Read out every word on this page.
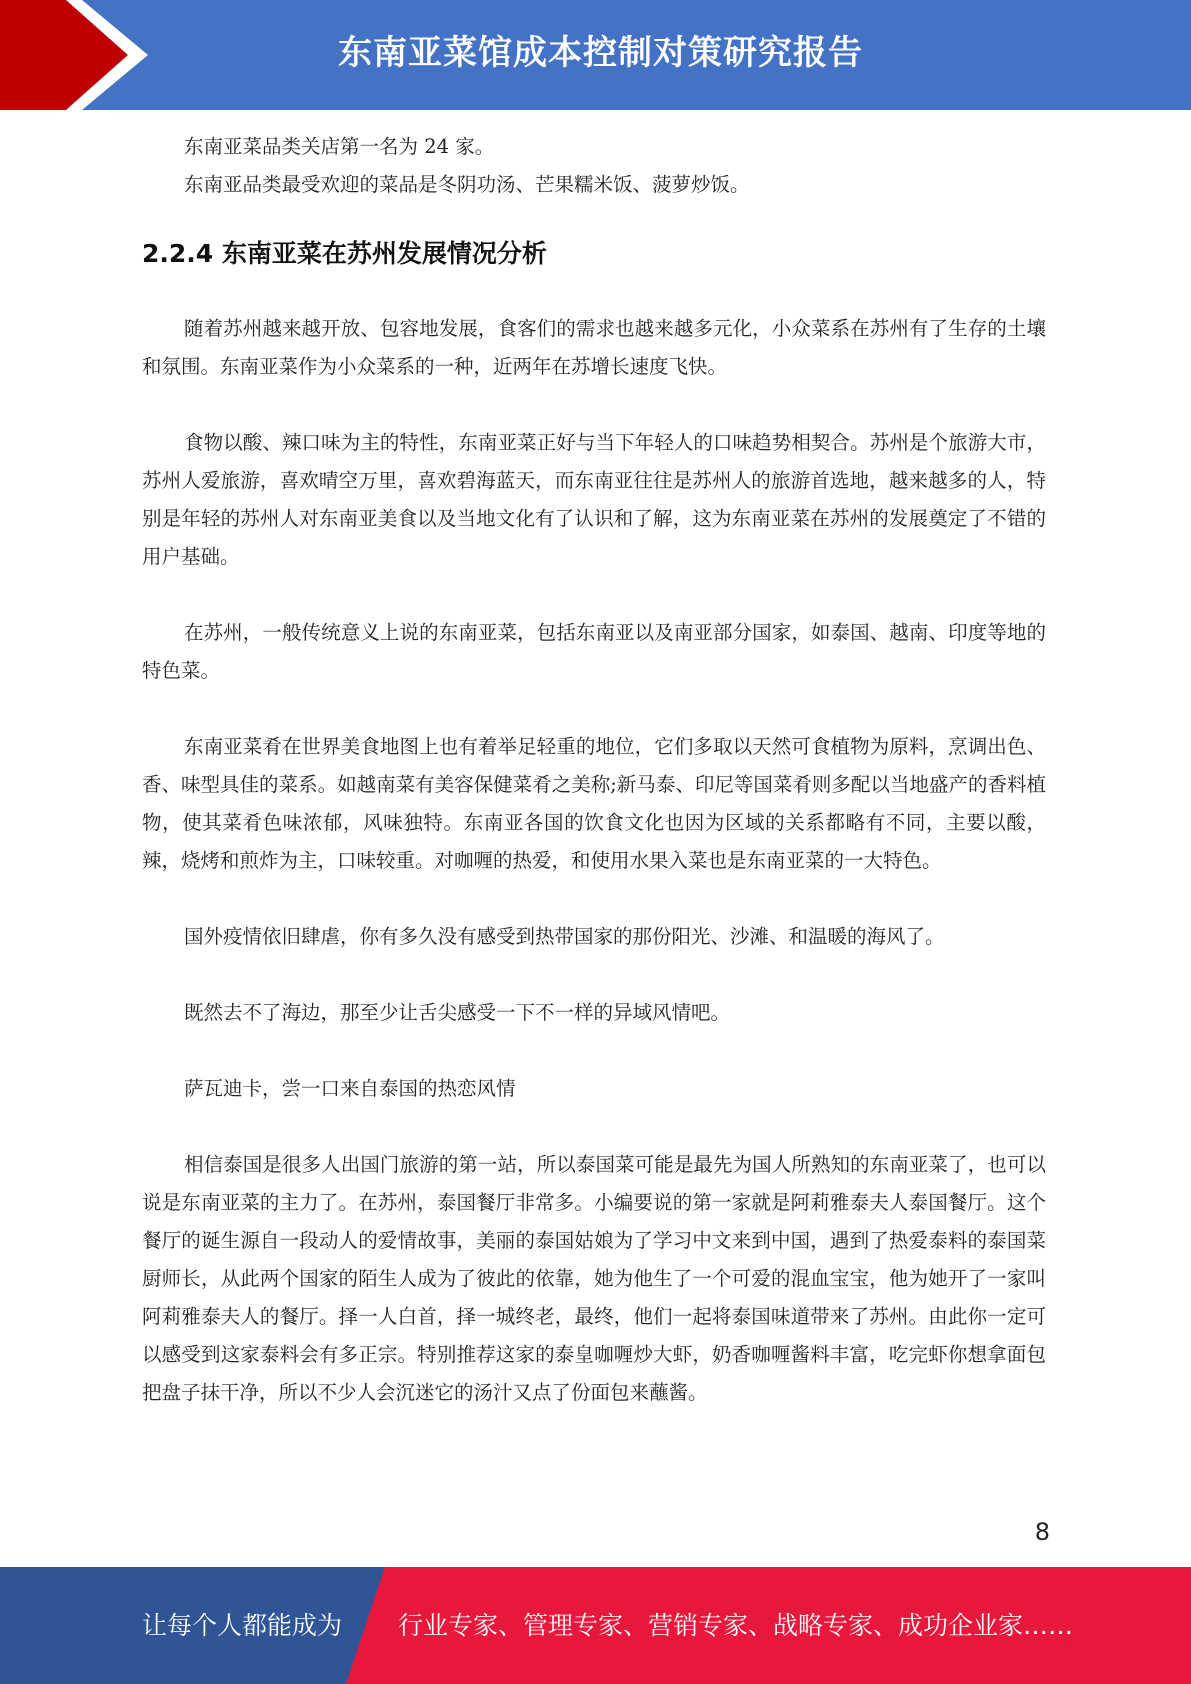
东南亚菜馆成本控制对策研究报告

东南亚菜品类关店第一名为 24 家。

东南亚品类最受欢迎的菜品是冬阴功汤、芒果糯米饭、菠萝炒饭。

2.2.4 东南亚菜在苏州发展情况分析

随着苏州越来越开放、包容地发展，食客们的需求也越来越多元化，小众菜系在苏州有了生存的土壤和氛围。东南亚菜作为小众菜系的一种，近两年在苏增长速度飞快。

食物以酸、辣口味为主的特性，东南亚菜正好与当下年轻人的口味趋势相契合。苏州是个旅游大市，苏州人爱旅游，喜欢晴空万里，喜欢碧海蓝天，而东南亚往往是苏州人的旅游首选地，越来越多的人，特别是年轻的苏州人对东南亚美食以及当地文化有了认识和了解，这为东南亚菜在苏州的发展奠定了不错的用户基础。

在苏州，一般传统意义上说的东南亚菜，包括东南亚以及南亚部分国家，如泰国、越南、印度等地的特色菜。

东南亚菜肴在世界美食地图上也有着举足轻重的地位，它们多取以天然可食植物为原料，烹调出色、香、味型具佳的菜系。如越南菜有美容保健菜肴之美称;新马泰、印尼等国菜肴则多配以当地盛产的香料植物，使其菜肴色味浓郁，风味独特。东南亚各国的饮食文化也因为区域的关系都略有不同，主要以酸，辣，烧烤和煎炸为主，口味较重。对咖喱的热爱，和使用水果入菜也是东南亚菜的一大特色。

国外疫情依旧肆虐，你有多久没有感受到热带国家的那份阳光、沙滩、和温暖的海风了。

既然去不了海边，那至少让舌尖感受一下不一样的异域风情吧。

萨瓦迪卡，尝一口来自泰国的热恋风情

相信泰国是很多人出国门旅游的第一站，所以泰国菜可能是最先为国人所熟知的东南亚菜了，也可以说是东南亚菜的主力了。在苏州，泰国餐厅非常多。小编要说的第一家就是阿莉雅泰夫人泰国餐厅。这个餐厅的诞生源自一段动人的爱情故事，美丽的泰国姑娘为了学习中文来到中国，遇到了热爱泰料的泰国菜厨师长，从此两个国家的陌生人成为了彼此的依靠，她为他生了一个可爱的混血宝宝，他为她开了一家叫阿莉雅泰夫人的餐厅。择一人白首，择一城终老，最终，他们一起将泰国味道带来了苏州。由此你一定可以感受到这家泰料会有多正宗。特别推荐这家的泰皇咖喱炒大虾，奶香咖喱酱料丰富，吃完虾你想拿面包把盘子抹干净，所以不少人会沉迷它的汤汁又点了份面包来蘸酱。

8
让每个人都能成为 行业专家、管理专家、营销专家、战略专家、成功企业家……
